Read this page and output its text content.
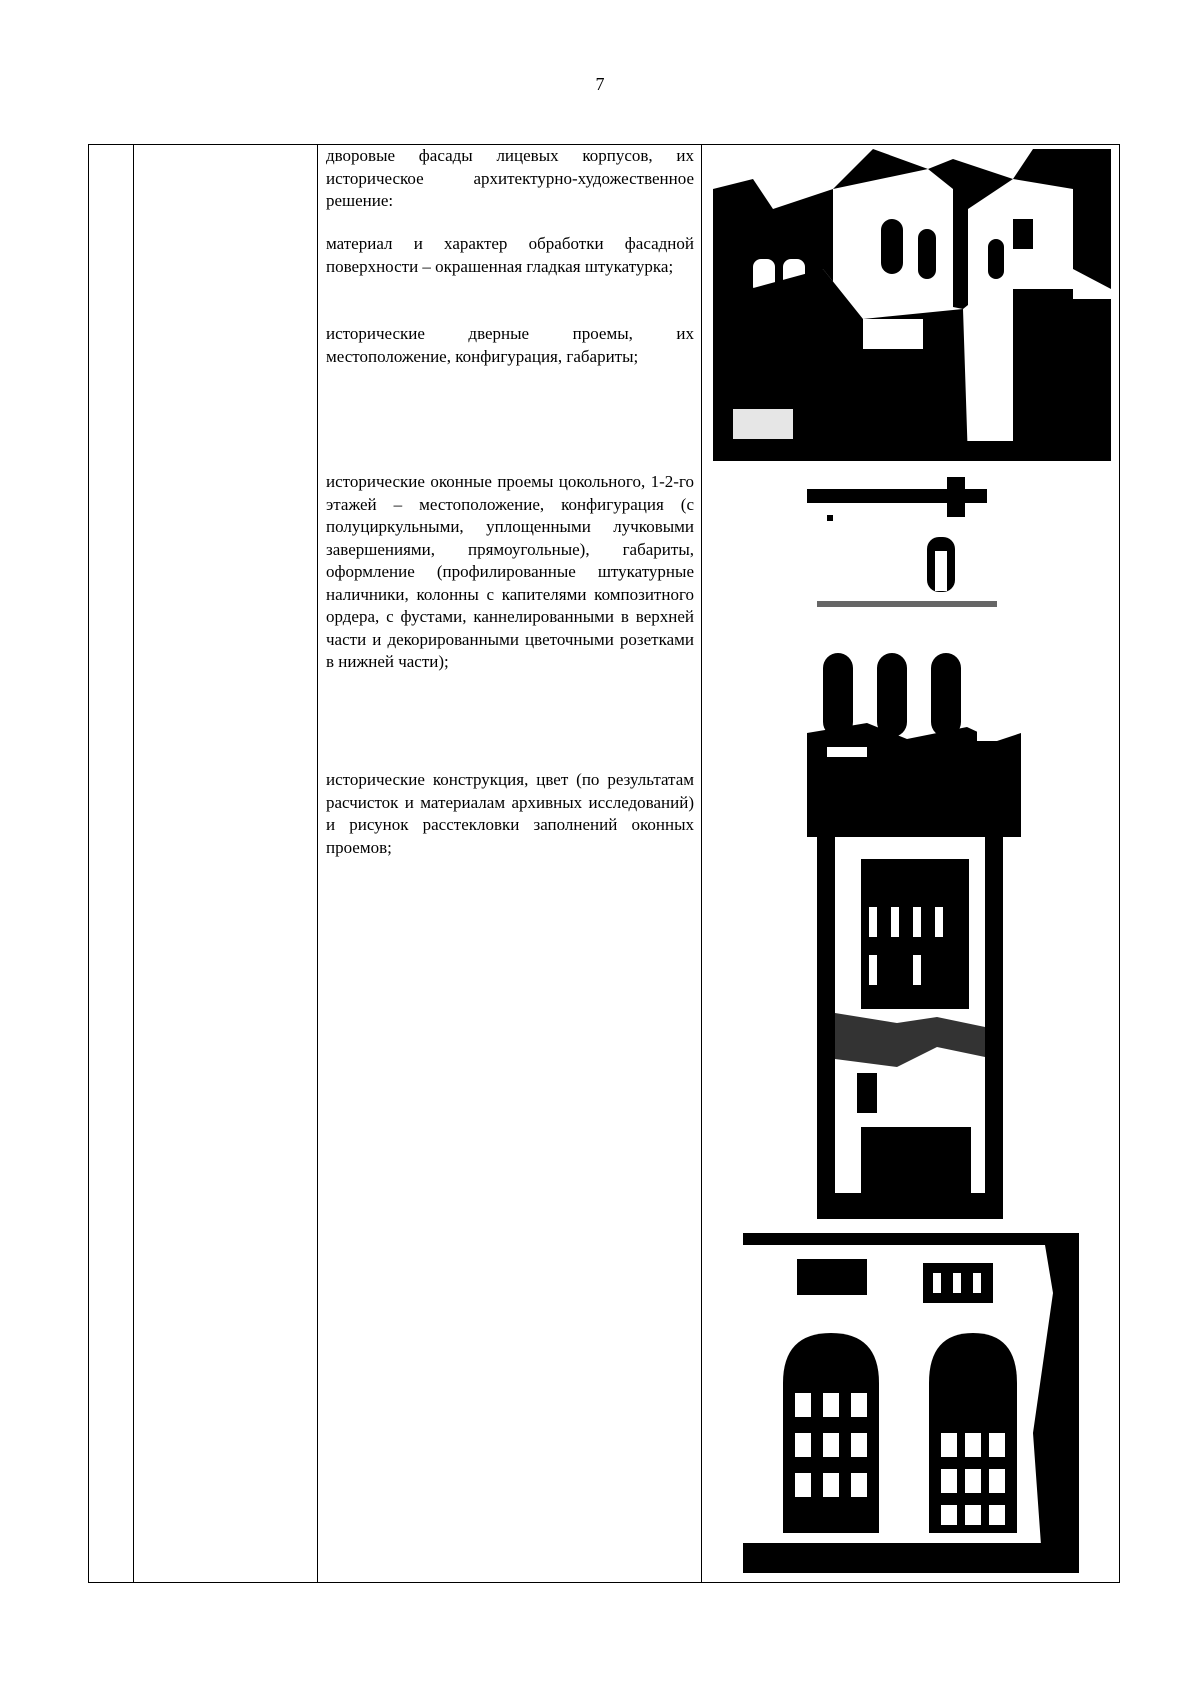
7

дворовые фасады лицевых корпусов, их историческое архитектурно-художественное решение:

материал и характер обработки фасадной поверхности – окрашенная гладкая штукатурка;

исторические дверные проемы, их местоположение, конфигурация, габариты;

исторические оконные проемы цокольного, 1-2-го этажей – местоположение, конфигурация (с полуциркульными, уплощенными лучковыми завершениями, прямоугольные), габариты, оформление (профилированные штукатурные наличники, колонны с капителями композитного ордера, с фустами, каннелированными в верхней части и декорированными цветочными розетками в нижней части);

исторические конструкция, цвет (по результатам расчисток и материалам архивных исследований) и рисунок расстекловки заполнений оконных проемов;
